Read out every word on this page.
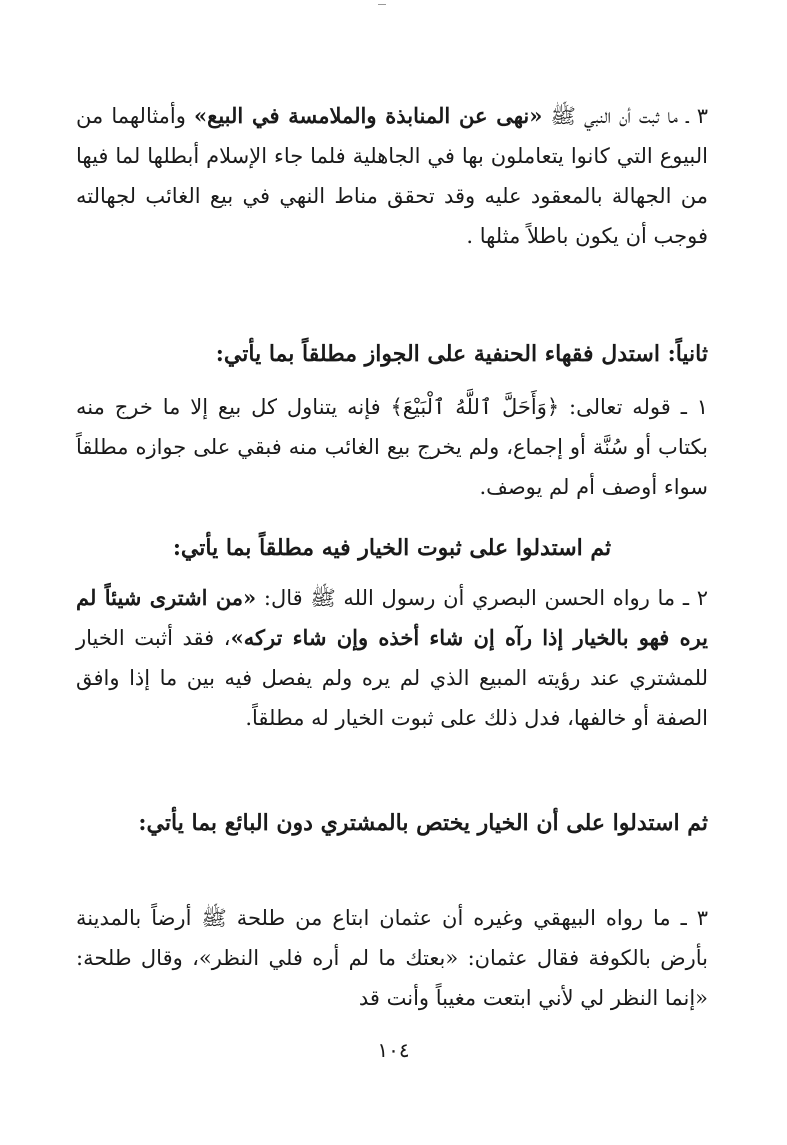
٣ ـ ما ثبت أن النبي ﷺ «نهى عن المنابذة والملامسة في البيع» وأمثالهما من البيوع التي كانوا يتعاملون بها في الجاهلية فلما جاء الإسلام أبطلها لما فيها من الجهالة بالمعقود عليه وقد تحقق مناط النهي في بيع الغائب لجهالته فوجب أن يكون باطلاً مثلها .

ثانياً: استدل فقهاء الحنفية على الجواز مطلقاً بما يأتي:

١ ـ قوله تعالى: ﴿وَأَحَلَّ ٱللَّهُ ٱلْبَيْعَ﴾ فإنه يتناول كل بيع إلا ما خرج منه بكتاب أو سُنَّة أو إجماع، ولم يخرج بيع الغائب منه فبقي على جوازه مطلقاً سواء أوصف أم لم يوصف.

ثم استدلوا على ثبوت الخيار فيه مطلقاً بما يأتي:

٢ ـ ما رواه الحسن البصري أن رسول الله ﷺ قال: «من اشترى شيئاً لم يره فهو بالخيار إذا رآه إن شاء أخذه وإن شاء تركه»، فقد أثبت الخيار للمشتري عند رؤيته المبيع الذي لم يره ولم يفصل فيه بين ما إذا وافق الصفة أو خالفها، فدل ذلك على ثبوت الخيار له مطلقاً.

ثم استدلوا على أن الخيار يختص بالمشتري دون البائع بما يأتي:

٣ ـ ما رواه البيهقي وغيره أن عثمان ابتاع من طلحة ﷺ أرضاً بالمدينة بأرض بالكوفة فقال عثمان: «بعتك ما لم أره فلي النظر»، وقال طلحة: «إنما النظر لي لأني ابتعت مغيباً وأنت قد

١٠٤
